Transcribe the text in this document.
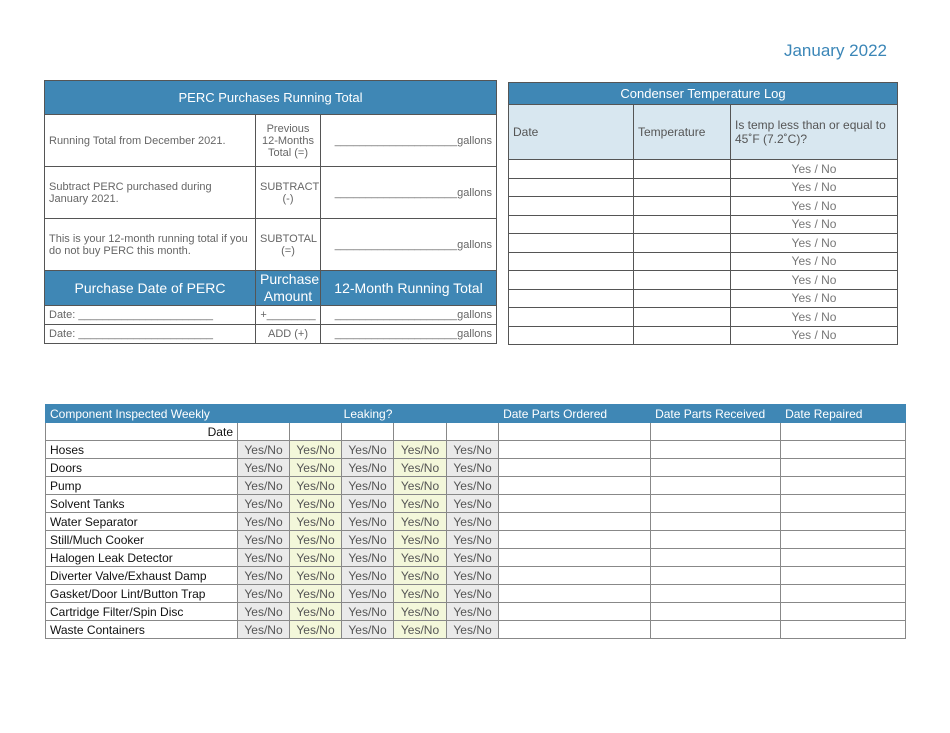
January 2022
PERC Purchases Running Total		
Running Total from December 2021.	Previous 12-Months Total (=)	____________________gallons
Subtract PERC purchased during January 2021.	SUBTRACT (-)	____________________gallons
This is your 12-month running total if you do not buy PERC this month.	SUBTOTAL (=)	____________________gallons
Purchase Date of PERC	Purchase Amount	12-Month Running Total
Date: ______________________	+________	____________________gallons
Date: ______________________	ADD (+)	____________________gallons
Condenser Temperature Log		
Date	Temperature	Is temp less than or equal to 45˚F (7.2˚C)?
		Yes / No
		Yes / No
		Yes / No
		Yes / No
		Yes / No
		Yes / No
		Yes / No
		Yes / No
		Yes / No
		Yes / No
Component Inspected Weekly	Leaking?					Date Parts Ordered	Date Parts Received	Date Repaired
Date								
Hoses	Yes/No	Yes/No	Yes/No	Yes/No	Yes/No			
Doors	Yes/No	Yes/No	Yes/No	Yes/No	Yes/No			
Pump	Yes/No	Yes/No	Yes/No	Yes/No	Yes/No			
Solvent Tanks	Yes/No	Yes/No	Yes/No	Yes/No	Yes/No			
Water Separator	Yes/No	Yes/No	Yes/No	Yes/No	Yes/No			
Still/Much Cooker	Yes/No	Yes/No	Yes/No	Yes/No	Yes/No			
Halogen Leak Detector	Yes/No	Yes/No	Yes/No	Yes/No	Yes/No			
Diverter Valve/Exhaust Damp	Yes/No	Yes/No	Yes/No	Yes/No	Yes/No			
Gasket/Door Lint/Button Trap	Yes/No	Yes/No	Yes/No	Yes/No	Yes/No			
Cartridge Filter/Spin Disc	Yes/No	Yes/No	Yes/No	Yes/No	Yes/No			
Waste Containers	Yes/No	Yes/No	Yes/No	Yes/No	Yes/No			
